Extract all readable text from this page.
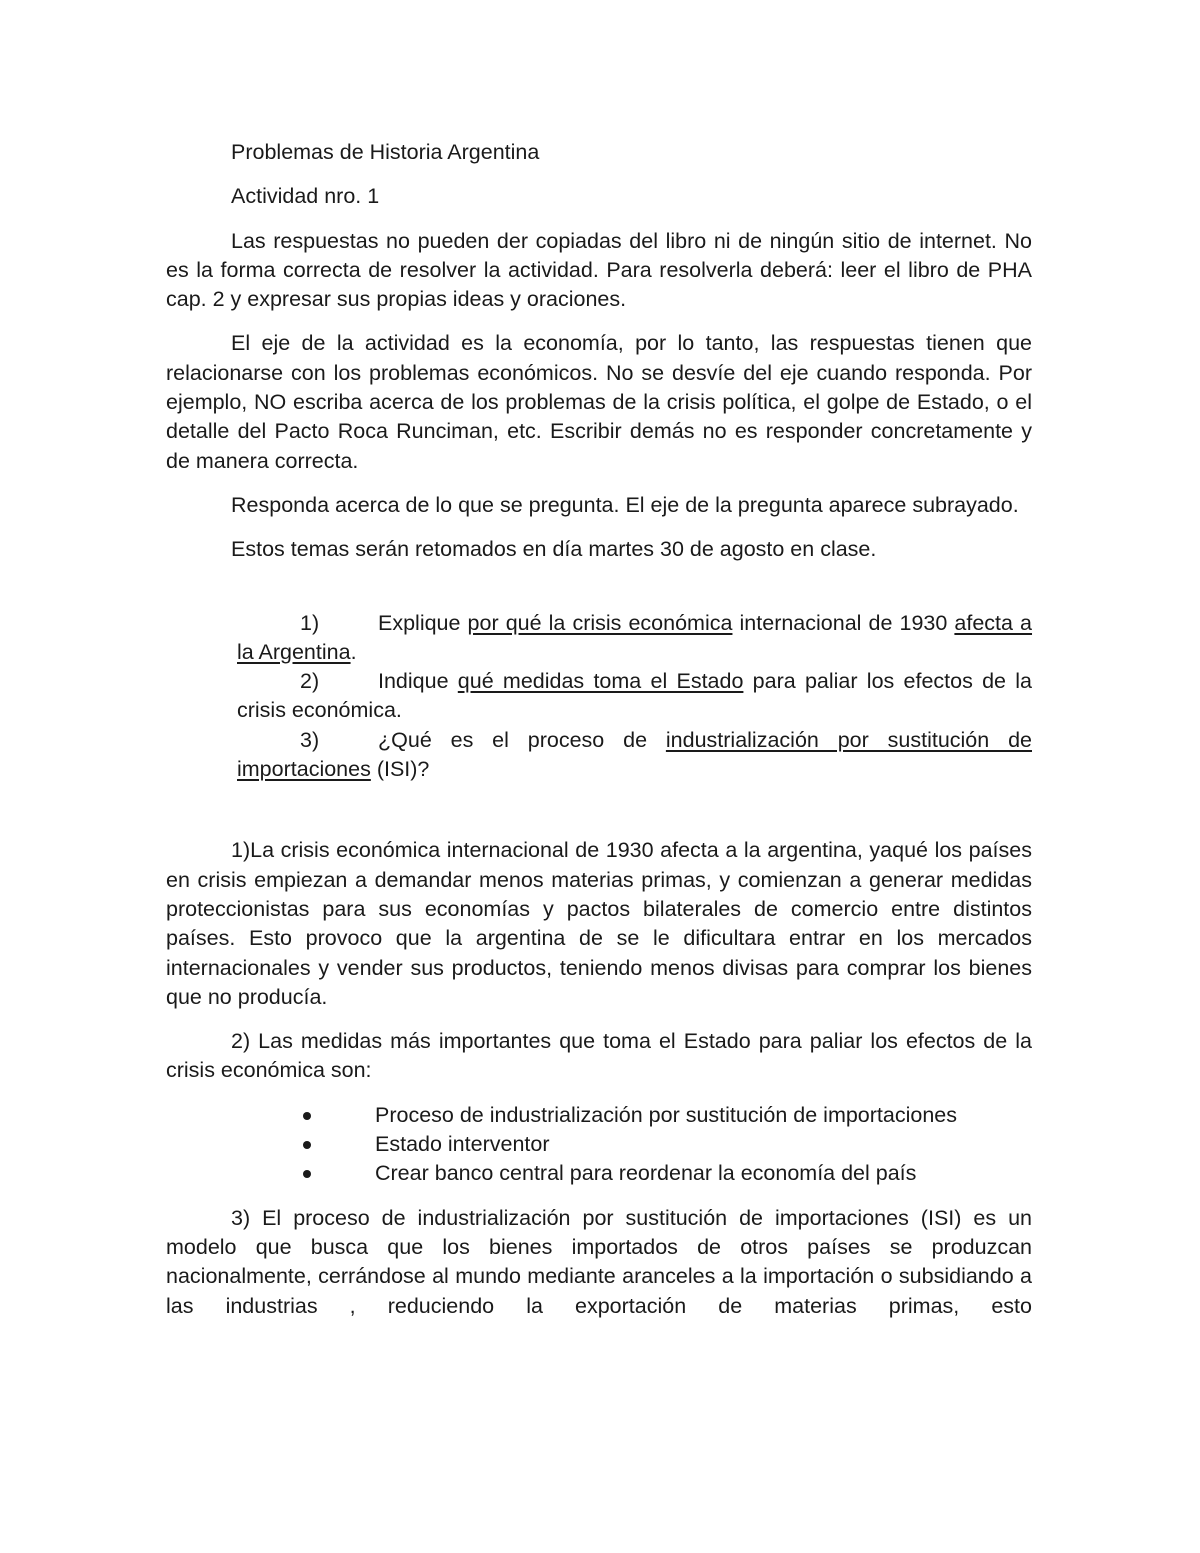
Problemas de Historia Argentina

Actividad nro. 1

Las respuestas no pueden der copiadas del libro ni de ningún sitio de internet. No es la forma correcta de resolver la actividad. Para resolverla deberá: leer el libro de PHA cap. 2 y expresar sus propias ideas y oraciones.

El eje de la actividad es la economía, por lo tanto, las respuestas tienen que relacionarse con los problemas económicos. No se desvíe del eje cuando responda. Por ejemplo, NO escriba acerca de los problemas de la crisis política, el golpe de Estado, o el detalle del Pacto Roca Runciman, etc. Escribir demás no es responder concretamente y de manera correcta.

Responda acerca de lo que se pregunta. El eje de la pregunta aparece subrayado.

Estos temas serán retomados en día martes 30 de agosto en clase.

1)	Explique por qué la crisis económica internacional de 1930 afecta a la Argentina.

2)	Indique qué medidas toma el Estado para paliar los efectos de la crisis económica.

3)	¿Qué es el proceso de industrialización por sustitución de importaciones (ISI)?

1)La crisis económica internacional de 1930 afecta a la argentina, yaqué los países en crisis empiezan a demandar menos materias primas, y comienzan a generar medidas proteccionistas para sus economías y pactos bilaterales de comercio entre distintos países. Esto provoco que la argentina de se le dificultara entrar en los mercados internacionales y vender sus productos, teniendo menos divisas para comprar los bienes que no producía.

2) Las medidas más importantes que toma el Estado para paliar los efectos de la crisis económica son:

Proceso de industrialización por sustitución de importaciones
Estado interventor
Crear banco central para reordenar la economía del país

3) El proceso de industrialización por sustitución de importaciones (ISI) es un modelo que busca que los bienes importados de otros países se produzcan nacionalmente, cerrándose al mundo mediante aranceles a la importación o subsidiando a las industrias , reduciendo la exportación de materias primas, esto
